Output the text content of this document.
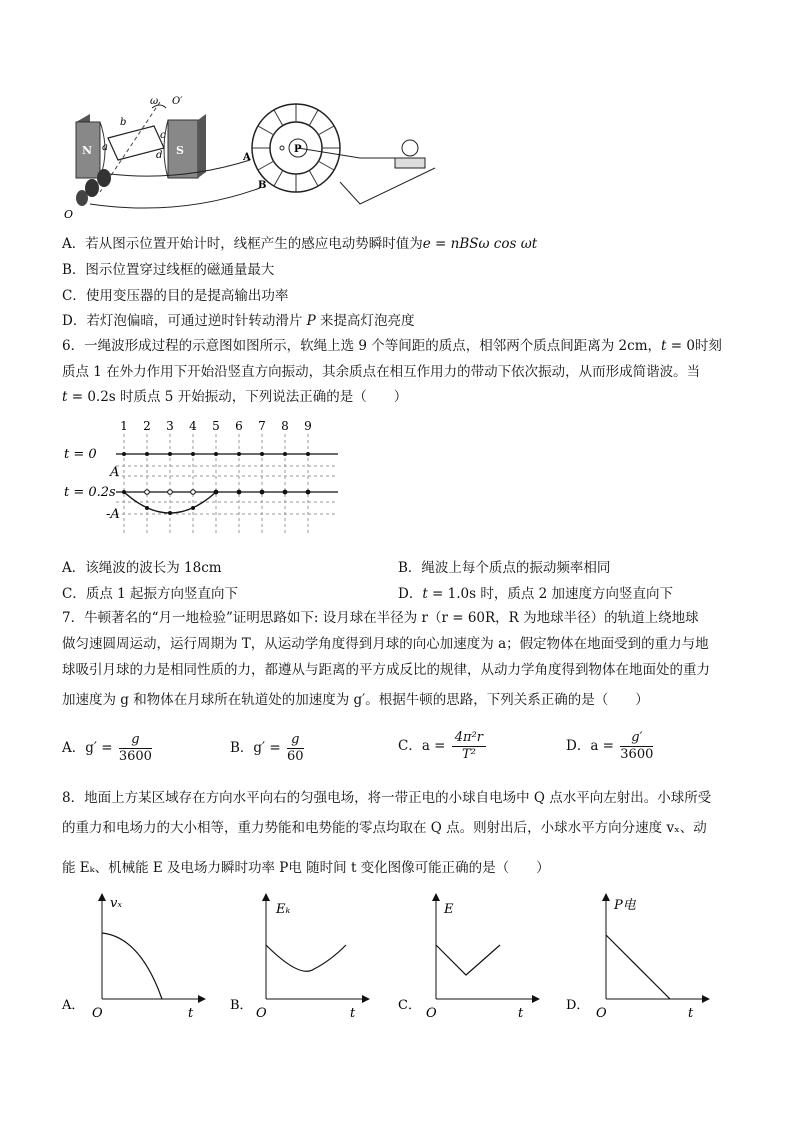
N	S
ω O′
b
c
a
d
O
P
A
B
A．若从图示位置开始计时，线框产生的感应电动势瞬时值为e = nBSω cos ωt
B．图示位置穿过线框的磁通量最大
C．使用变压器的目的是提高输出功率
D．若灯泡偏暗，可通过逆时针转动滑片 P 来提高灯泡亮度
6．一绳波形成过程的示意图如图所示，软绳上选 9 个等间距的质点，相邻两个质点间距离为 2cm，t = 0时刻
质点 1 在外力作用下开始沿竖直方向振动，其余质点在相互作用力的带动下依次振动，从而形成简谐波。当
t = 0.2s 时质点 5 开始振动，下列说法正确的是（　　）
1 2 3 4 5 6 7 8 9
t = 0
A
t = 0.2s
-A
A．该绳波的波长为 18cm	B．绳波上每个质点的振动频率相同
C．质点 1 起振方向竖直向下	D．t = 1.0s 时，质点 2 加速度方向竖直向下
7．牛顿著名的“月一地检验”证明思路如下: 设月球在半径为 r（r = 60R，R 为地球半径）的轨道上绕地球
做匀速圆周运动，运行周期为 T，从运动学角度得到月球的向心加速度为 a；假定物体在地面受到的重力与地
球吸引月球的力是相同性质的力，都遵从与距离的平方成反比的规律，从动力学角度得到物体在地面处的重力
加速度为 g 和物体在月球所在轨道处的加速度为 g′。根据牛顿的思路，下列关系正确的是（　　）
A．$g' = \frac{g}{3600}$	B．$g' = \frac{g}{60}$	C．$a = \frac{\text{4π²r}}{\text{T²}}$	D．$a = \frac{g'}{3600}$
8．地面上方某区域存在方向水平向右的匀强电场，将一带正电的小球自电场中 Q 点水平向左射出。小球所受
的重力和电场力的大小相等，重力势能和电势能的零点均取在 Q 点。则射出后，小球水平方向分速度 vₓ、动
能 Eₖ、机械能 E 及电场力瞬时功率 P电 随时间 t 变化图像可能正确的是（　　）
A．
vₓ
t
O
B．
Eₖ
t
O
C．
E
t
O
D．
P电
t
O
